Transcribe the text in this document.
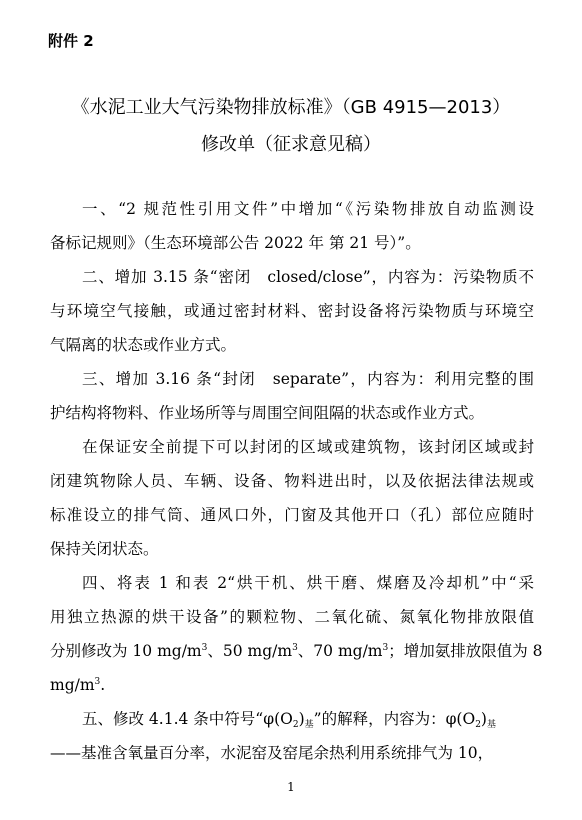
附件 2
《水泥工业大气污染物排放标准》（GB 4915—2013）
修改单（征求意见稿）
一、“2 规范性引用文件”中增加“《污染物排放自动监测设
备标记规则》（生态环境部公告 2022 年 第 21 号）”。
二、增加 3.15 条“密闭　closed/close”，内容为：污染物质不
与环境空气接触，或通过密封材料、密封设备将污染物质与环境空
气隔离的状态或作业方式。
三、增加 3.16 条“封闭　separate”，内容为：利用完整的围
护结构将物料、作业场所等与周围空间阻隔的状态或作业方式。
在保证安全前提下可以封闭的区域或建筑物，该封闭区域或封
闭建筑物除人员、车辆、设备、物料进出时，以及依据法律法规或
标准设立的排气筒、通风口外，门窗及其他开口（孔）部位应随时
保持关闭状态。
四、将表 1 和表 2“烘干机、烘干磨、煤磨及冷却机”中“采
用独立热源的烘干设备”的颗粒物、二氧化硫、氮氧化物排放限值
分别修改为 10 $mg/m^3$、50 $mg/m^3$、70 $mg/m^3$；增加氨排放限值为 8
$mg/m^3$.
五、修改 4.1.4 条中符号“$\varphi(O_2)_基$”的解释，内容为：$\varphi(O_2)_基$
——基准含氧量百分率，水泥窑及窑尾余热利用系统排气为 10，
1
